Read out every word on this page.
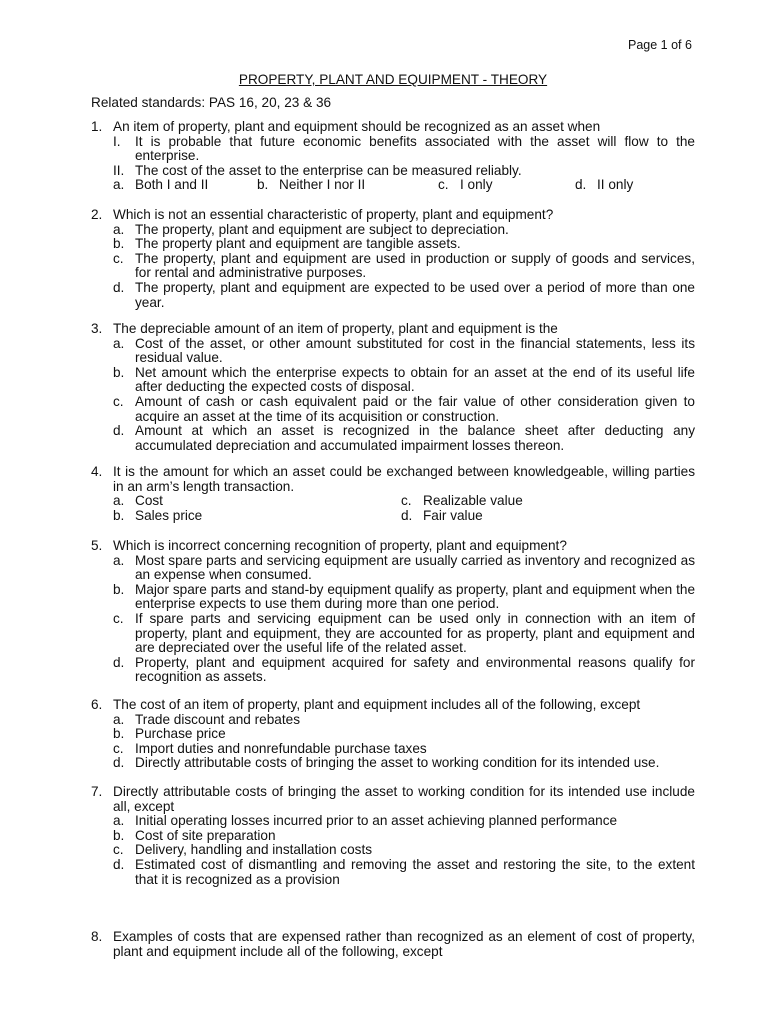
Page 1 of 6
PROPERTY, PLANT AND EQUIPMENT - THEORY
Related standards: PAS 16, 20, 23 & 36
1. An item of property, plant and equipment should be recognized as an asset when
I.	It is probable that future economic benefits associated with the asset will flow to the enterprise.
II. The cost of the asset to the enterprise can be measured reliably.
a. Both I and II	b. Neither I nor II	c. I only	d. II only
2. Which is not an essential characteristic of property, plant and equipment?
a. The property, plant and equipment are subject to depreciation.
b. The property plant and equipment are tangible assets.
c. The property, plant and equipment are used in production or supply of goods and services, for rental and administrative purposes.
d. The property, plant and equipment are expected to be used over a period of more than one year.
3. The depreciable amount of an item of property, plant and equipment is the
a. Cost of the asset, or other amount substituted for cost in the financial statements, less its residual value.
b. Net amount which the enterprise expects to obtain for an asset at the end of its useful life after deducting the expected costs of disposal.
c. Amount of cash or cash equivalent paid or the fair value of other consideration given to acquire an asset at the time of its acquisition or construction.
d. Amount at which an asset is recognized in the balance sheet after deducting any accumulated depreciation and accumulated impairment losses thereon.
4. It is the amount for which an asset could be exchanged between knowledgeable, willing parties in an arm’s length transaction.
a. Cost	c. Realizable value
b. Sales price	d. Fair value
5. Which is incorrect concerning recognition of property, plant and equipment?
a. Most spare parts and servicing equipment are usually carried as inventory and recognized as an expense when consumed.
b. Major spare parts and stand-by equipment qualify as property, plant and equipment when the enterprise expects to use them during more than one period.
c. If spare parts and servicing equipment can be used only in connection with an item of property, plant and equipment, they are accounted for as property, plant and equipment and are depreciated over the useful life of the related asset.
d. Property, plant and equipment acquired for safety and environmental reasons qualify for recognition as assets.
6. The cost of an item of property, plant and equipment includes all of the following, except
a. Trade discount and rebates
b. Purchase price
c. Import duties and nonrefundable purchase taxes
d. Directly attributable costs of bringing the asset to working condition for its intended use.
7. Directly attributable costs of bringing the asset to working condition for its intended use include all, except
a. Initial operating losses incurred prior to an asset achieving planned performance
b. Cost of site preparation
c. Delivery, handling and installation costs
d. Estimated cost of dismantling and removing the asset and restoring the site, to the extent that it is recognized as a provision
8. Examples of costs that are expensed rather than recognized as an element of cost of property, plant and equipment include all of the following, except
